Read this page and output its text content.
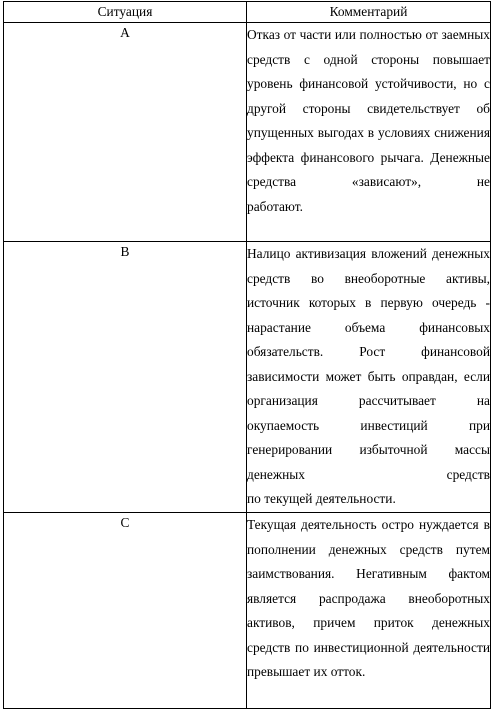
Ситуация	Комментарий
А	Отказ от части или полностью от заемных средств с одной стороны повышает уровень финансовой устойчивости, но с другой стороны свидетельствует об упущенных выгодах в условиях снижения эффекта финансового рычага. Денежные средства «зависают», не

работают.

В	Налицо активизация вложений денежных средств во внеоборотные активы, источник которых в первую очередь - нарастание объема финансовых обязательств. Рост финансовой зависимости может быть оправдан, если организация рассчитывает на окупаемость инвестиций при генерировании избыточной массы денежных средств

по текущей деятельности.

С	Текущая деятельность остро нуждается в пополнении денежных средств путем заимствования. Негативным фактом является распродажа внеоборотных активов, причем приток денежных средств по инвестиционной деятельности

превышает их отток.
